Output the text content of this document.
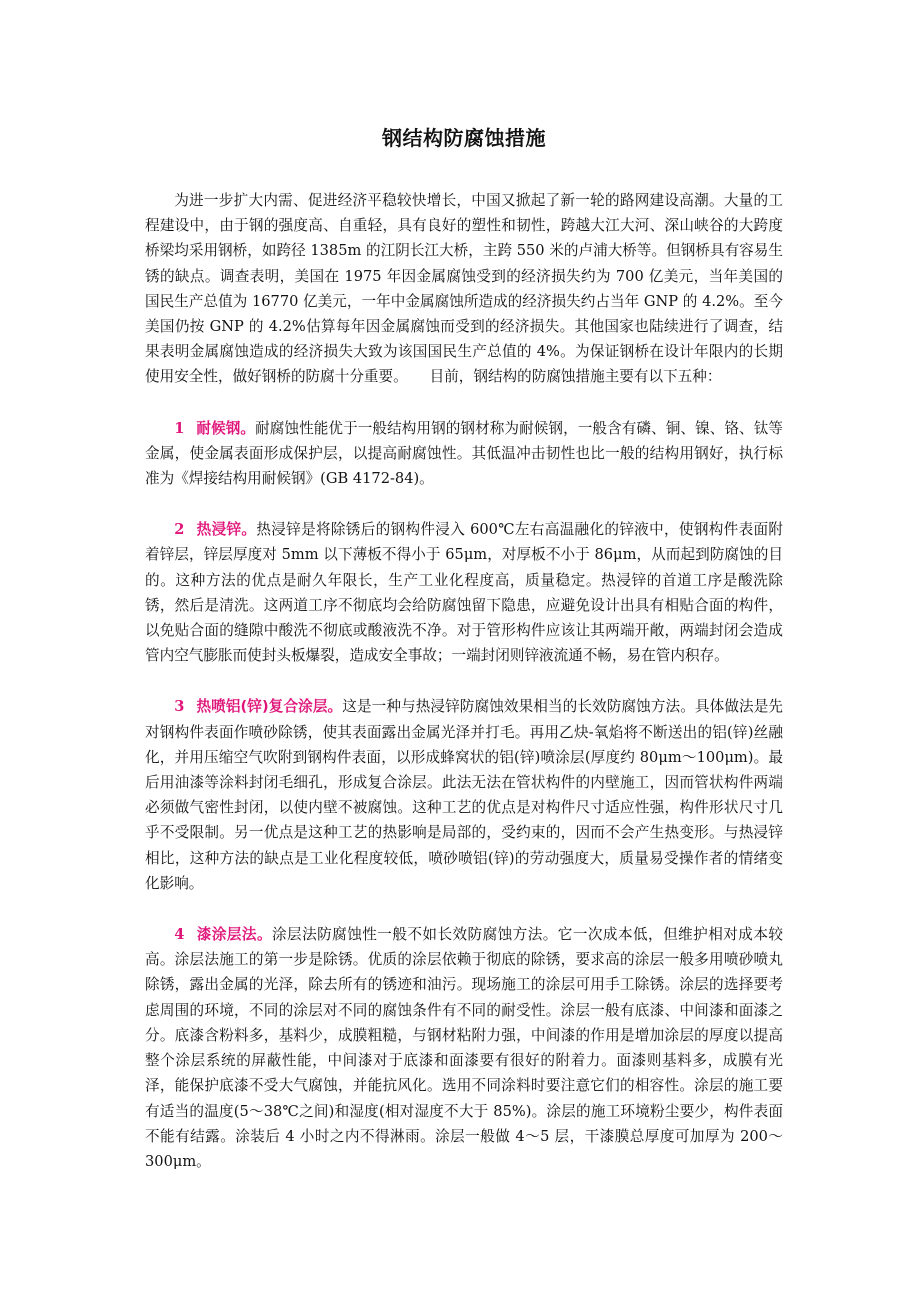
钢结构防腐蚀措施

为进一步扩大内需、促进经济平稳较快增长，中国又掀起了新一轮的路网建设高潮。大量的工程建设中，由于钢的强度高、自重轻，具有良好的塑性和韧性，跨越大江大河、深山峡谷的大跨度桥梁均采用钢桥，如跨径 1385m 的江阴长江大桥，主跨 550 米的卢浦大桥等。但钢桥具有容易生锈的缺点。调查表明，美国在 1975 年因金属腐蚀受到的经济损失约为 700 亿美元，当年美国的国民生产总值为 16770 亿美元，一年中金属腐蚀所造成的经济损失约占当年 GNP 的 4.2%。至今美国仍按 GNP 的 4.2%估算每年因金属腐蚀而受到的经济损失。其他国家也陆续进行了调查，结果表明金属腐蚀造成的经济损失大致为该国国民生产总值的 4%。为保证钢桥在设计年限内的长期使用安全性，做好钢桥的防腐十分重要。　　目前，钢结构的防腐蚀措施主要有以下五种：

1 耐候钢。耐腐蚀性能优于一般结构用钢的钢材称为耐候钢，一般含有磷、铜、镍、铬、钛等金属，使金属表面形成保护层，以提高耐腐蚀性。其低温冲击韧性也比一般的结构用钢好，执行标准为《焊接结构用耐候钢》(GB 4172-84)。

2 热浸锌。热浸锌是将除锈后的钢构件浸入 600℃左右高温融化的锌液中，使钢构件表面附着锌层，锌层厚度对 5mm 以下薄板不得小于 65μm，对厚板不小于 86μm，从而起到防腐蚀的目的。这种方法的优点是耐久年限长，生产工业化程度高，质量稳定。热浸锌的首道工序是酸洗除锈，然后是清洗。这两道工序不彻底均会给防腐蚀留下隐患，应避免设计出具有相贴合面的构件，以免贴合面的缝隙中酸洗不彻底或酸液洗不净。对于管形构件应该让其两端开敞，两端封闭会造成管内空气膨胀而使封头板爆裂，造成安全事故；一端封闭则锌液流通不畅，易在管内积存。

3 热喷铝(锌)复合涂层。这是一种与热浸锌防腐蚀效果相当的长效防腐蚀方法。具体做法是先对钢构件表面作喷砂除锈，使其表面露出金属光泽并打毛。再用乙炔-氧焰将不断送出的铝(锌)丝融化，并用压缩空气吹附到钢构件表面，以形成蜂窝状的铝(锌)喷涂层(厚度约 80μm～100μm)。最后用油漆等涂料封闭毛细孔，形成复合涂层。此法无法在管状构件的内壁施工，因而管状构件两端必须做气密性封闭，以使内壁不被腐蚀。这种工艺的优点是对构件尺寸适应性强，构件形状尺寸几乎不受限制。另一优点是这种工艺的热影响是局部的，受约束的，因而不会产生热变形。与热浸锌相比，这种方法的缺点是工业化程度较低，喷砂喷铝(锌)的劳动强度大，质量易受操作者的情绪变化影响。

4 漆涂层法。涂层法防腐蚀性一般不如长效防腐蚀方法。它一次成本低，但维护相对成本较高。涂层法施工的第一步是除锈。优质的涂层依赖于彻底的除锈，要求高的涂层一般多用喷砂喷丸除锈，露出金属的光泽，除去所有的锈迹和油污。现场施工的涂层可用手工除锈。涂层的选择要考虑周围的环境，不同的涂层对不同的腐蚀条件有不同的耐受性。涂层一般有底漆、中间漆和面漆之分。底漆含粉料多，基料少，成膜粗糙，与钢材粘附力强，中间漆的作用是增加涂层的厚度以提高整个涂层系统的屏蔽性能，中间漆对于底漆和面漆要有很好的附着力。面漆则基料多，成膜有光泽，能保护底漆不受大气腐蚀，并能抗风化。选用不同涂料时要注意它们的相容性。涂层的施工要有适当的温度(5～38℃之间)和湿度(相对湿度不大于 85%)。涂层的施工环境粉尘要少，构件表面不能有结露。涂装后 4 小时之内不得淋雨。涂层一般做 4～5 层，干漆膜总厚度可加厚为 200～300μm。
